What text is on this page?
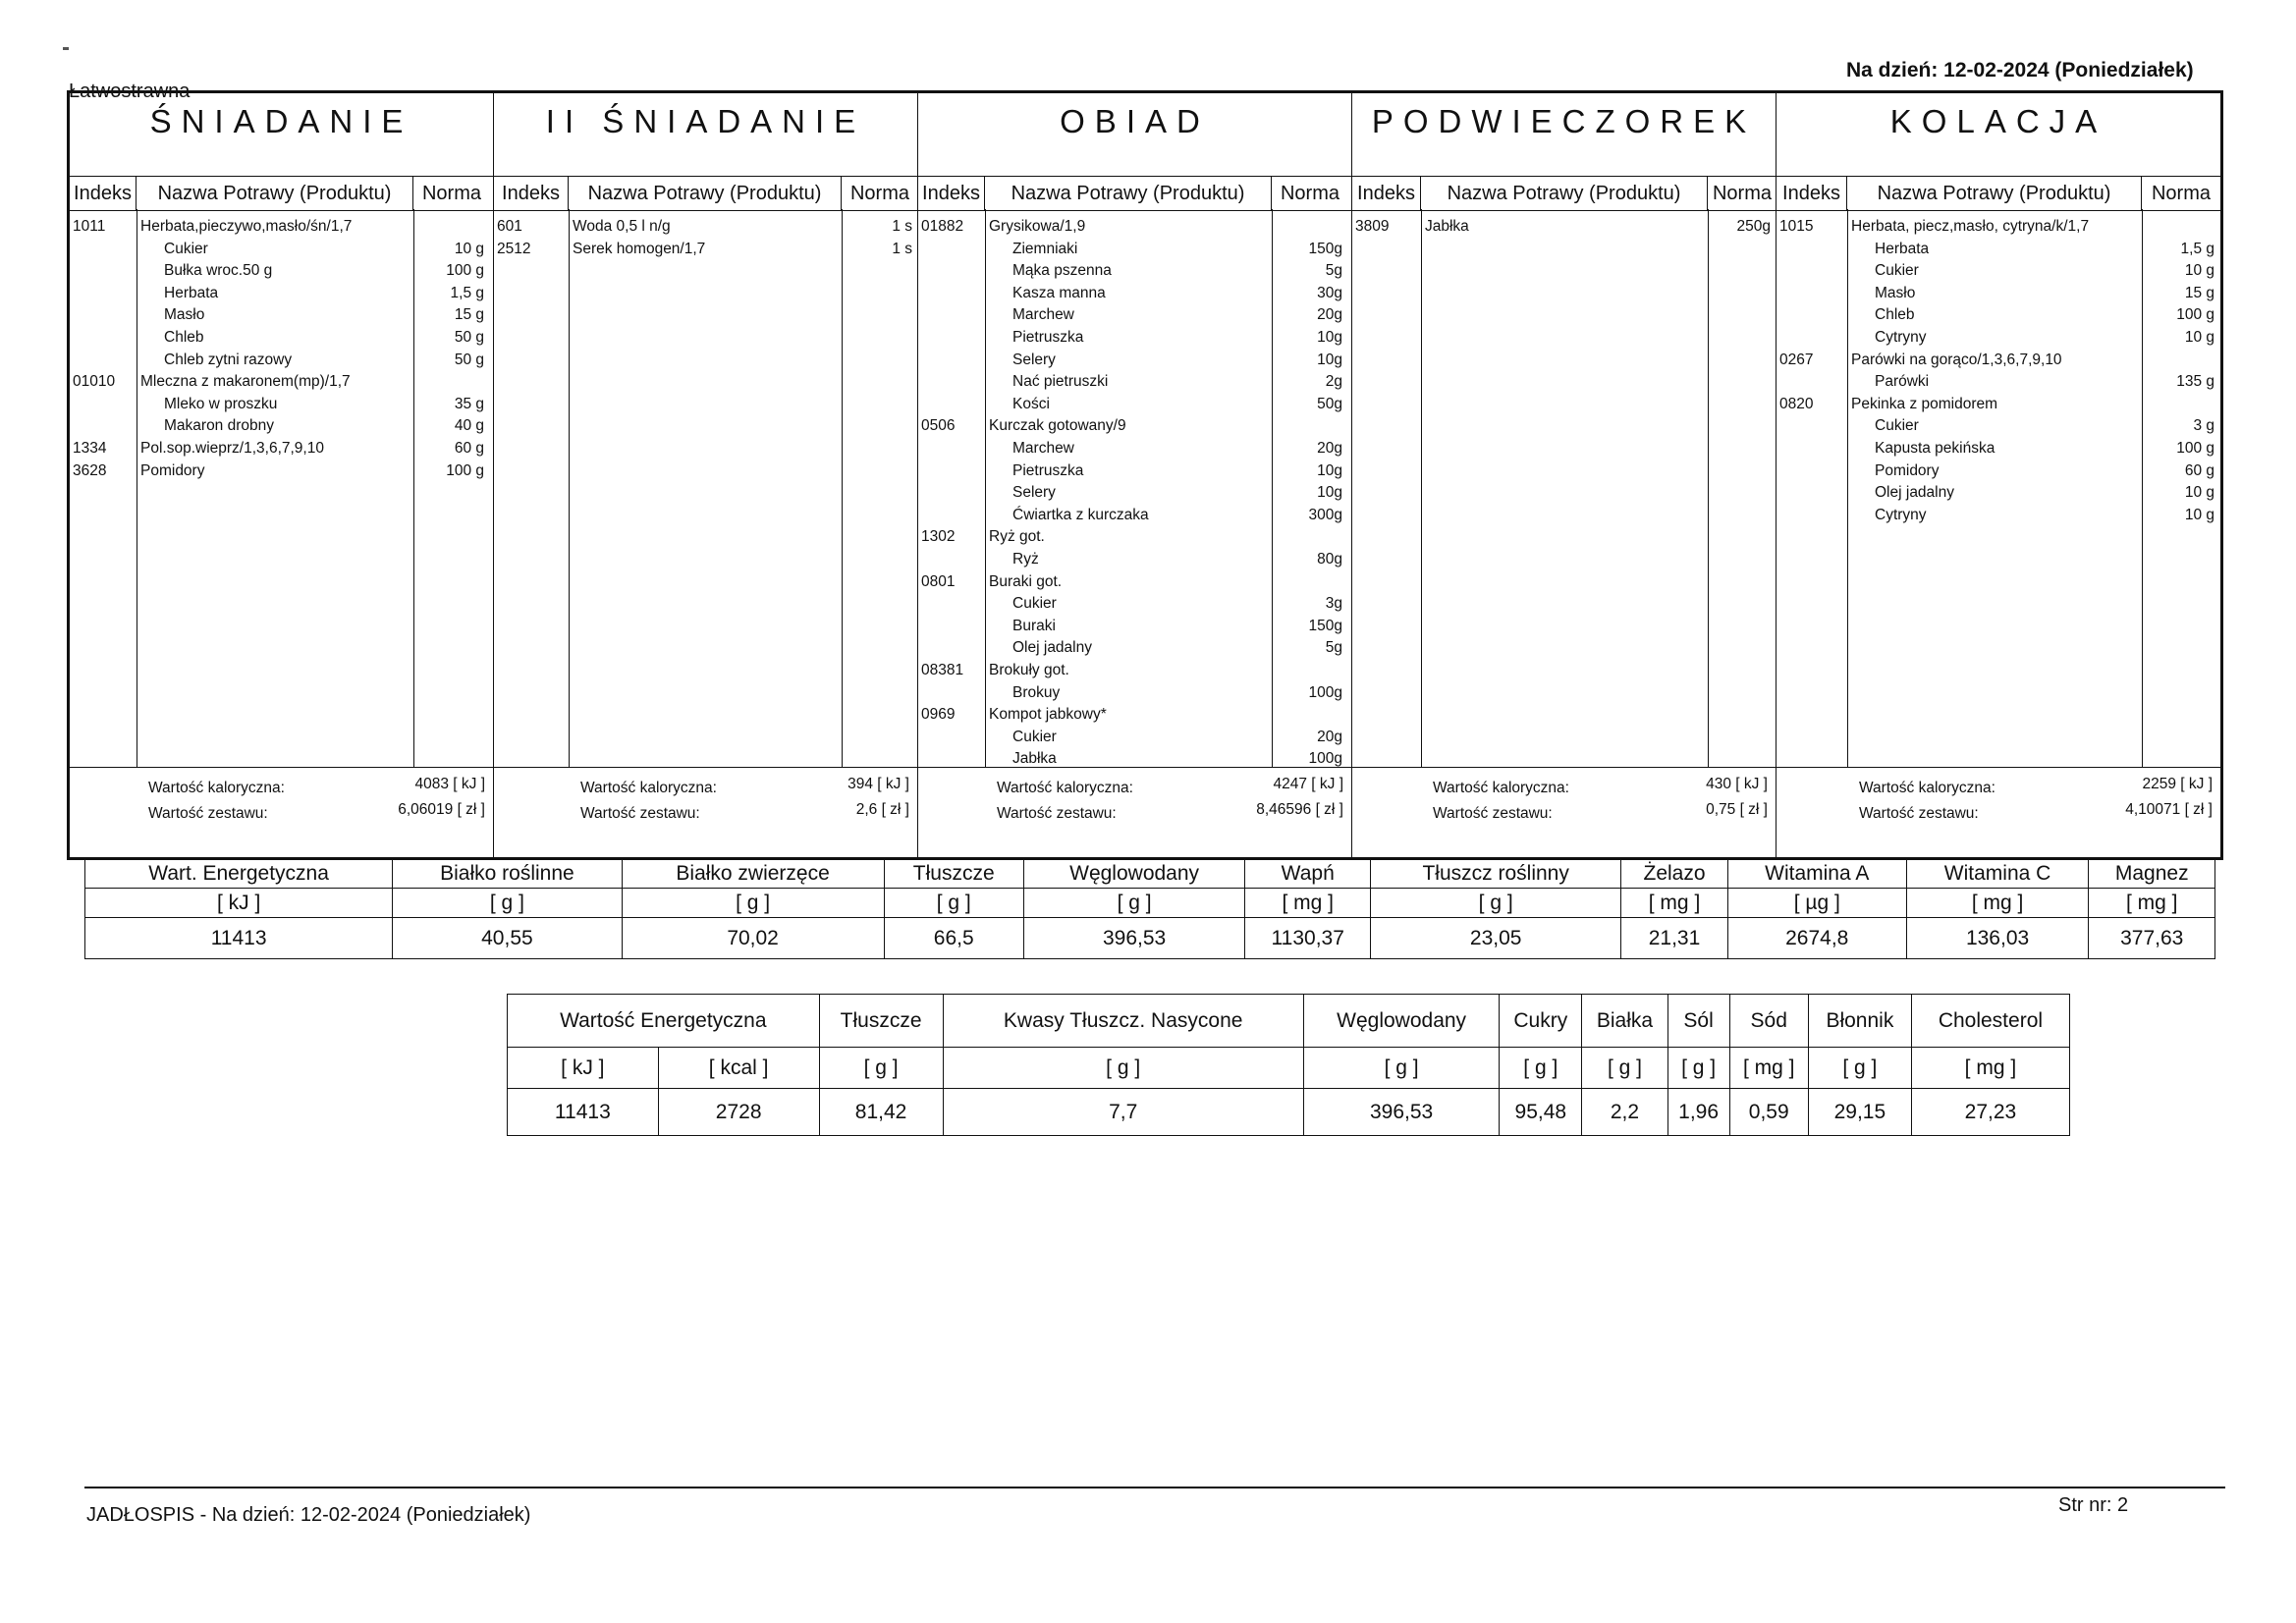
Łatwostrawna
Na dzień: 12-02-2024 (Poniedziałek)
ŚNIADANIE
Indeks	Nazwa Potrawy (Produktu)	Norma
1011 Herbata,pieczywo,masło/śn/1,7
Cukier	10 g
Bułka wroc.50 g	100 g
Herbata	1,5 g
Masło	15 g
Chleb	50 g
Chleb zytni razowy	50 g
01010 Mleczna z makaronem(mp)/1,7
Mleko w proszku	35 g
Makaron drobny	40 g
1334 Pol.sop.wieprz/1,3,6,7,9,10	60 g
3628 Pomidory	100 g
Wartość kaloryczna:	4083 [ kJ ]
Wartość zestawu:	6,06019 [ zł ]
II ŚNIADANIE
Indeks	Nazwa Potrawy (Produktu)	Norma
601	Woda 0,5 l n/g	1 s
2512	Serek homogen/1,7	1 s
Wartość kaloryczna:	394 [ kJ ]
Wartość zestawu:	2,6 [ zł ]
OBIAD
Indeks	Nazwa Potrawy (Produktu)	Norma
01882 Grysikowa/1,9
Ziemniaki	150g
Mąka pszenna	5g
Kasza manna	30g
Marchew	20g
Pietruszka	10g
Selery	10g
Nać pietruszki	2g
Kości	50g
0506 Kurczak gotowany/9
Marchew	20g
Pietruszka	10g
Selery	10g
Ćwiartka z kurczaka	300g
1302 Ryż got.
Ryż	80g
0801 Buraki got.
Cukier	3g
Buraki	150g
Olej jadalny	5g
08381 Brokuły got.
Brokuy	100g
0969 Kompot jabkowy*
Cukier	20g
Jabłka	100g
Wartość kaloryczna:	4247 [ kJ ]
Wartość zestawu:	8,46596 [ zł ]
PODWIECZOREK
Indeks	Nazwa Potrawy (Produktu)	Norma
3809 Jabłka	250g
Wartość kaloryczna:	430 [ kJ ]
Wartość zestawu:	0,75 [ zł ]
KOLACJA
Indeks	Nazwa Potrawy (Produktu)	Norma
1015 Herbata, piecz,masło, cytryna/k/1,7
Herbata	1,5 g
Cukier	10 g
Masło	15 g
Chleb	100 g
Cytryny	10 g
0267 Parówki na gorąco/1,3,6,7,9,10
Parówki	135 g
0820 Pekinka z pomidorem
Cukier	3 g
Kapusta pekińska	100 g
Pomidory	60 g
Olej jadalny	10 g
Cytryny	10 g
Wartość kaloryczna:	2259 [ kJ ]
Wartość zestawu:	4,10071 [ zł ]
Wart. Energetyczna	Białko roślinne	Białko zwierzęce	Tłuszcze	Węglowodany	Wapń	Tłuszcz roślinny	Żelazo	Witamina A	Witamina C	Magnez
[ kJ ]	[ g ]	[ g ]	[ g ]	[ g ]	[ mg ]	[ g ]	[ mg ]	[ µg ]	[ mg ]	[ mg ]
11413	40,55	70,02	66,5	396,53	1130,37	23,05	21,31	2674,8	136,03	377,63
Wartość Energetyczna		Tłuszcze	Kwasy Tłuszcz. Nasycone	Węglowodany	Cukry	Białka	Sól	Sód	Błonnik	Cholesterol
[ kJ ]	[ kcal ]	[ g ]	[ g ]	[ g ]	[ g ]	[ g ]	[ g ]	[ mg ]	[ g ]	[ mg ]
11413	2728	81,42	7,7	396,53	95,48	2,2	1,96	0,59	29,15	27,23
JADŁOSPIS - Na dzień: 12-02-2024 (Poniedziałek)	Str nr: 2
